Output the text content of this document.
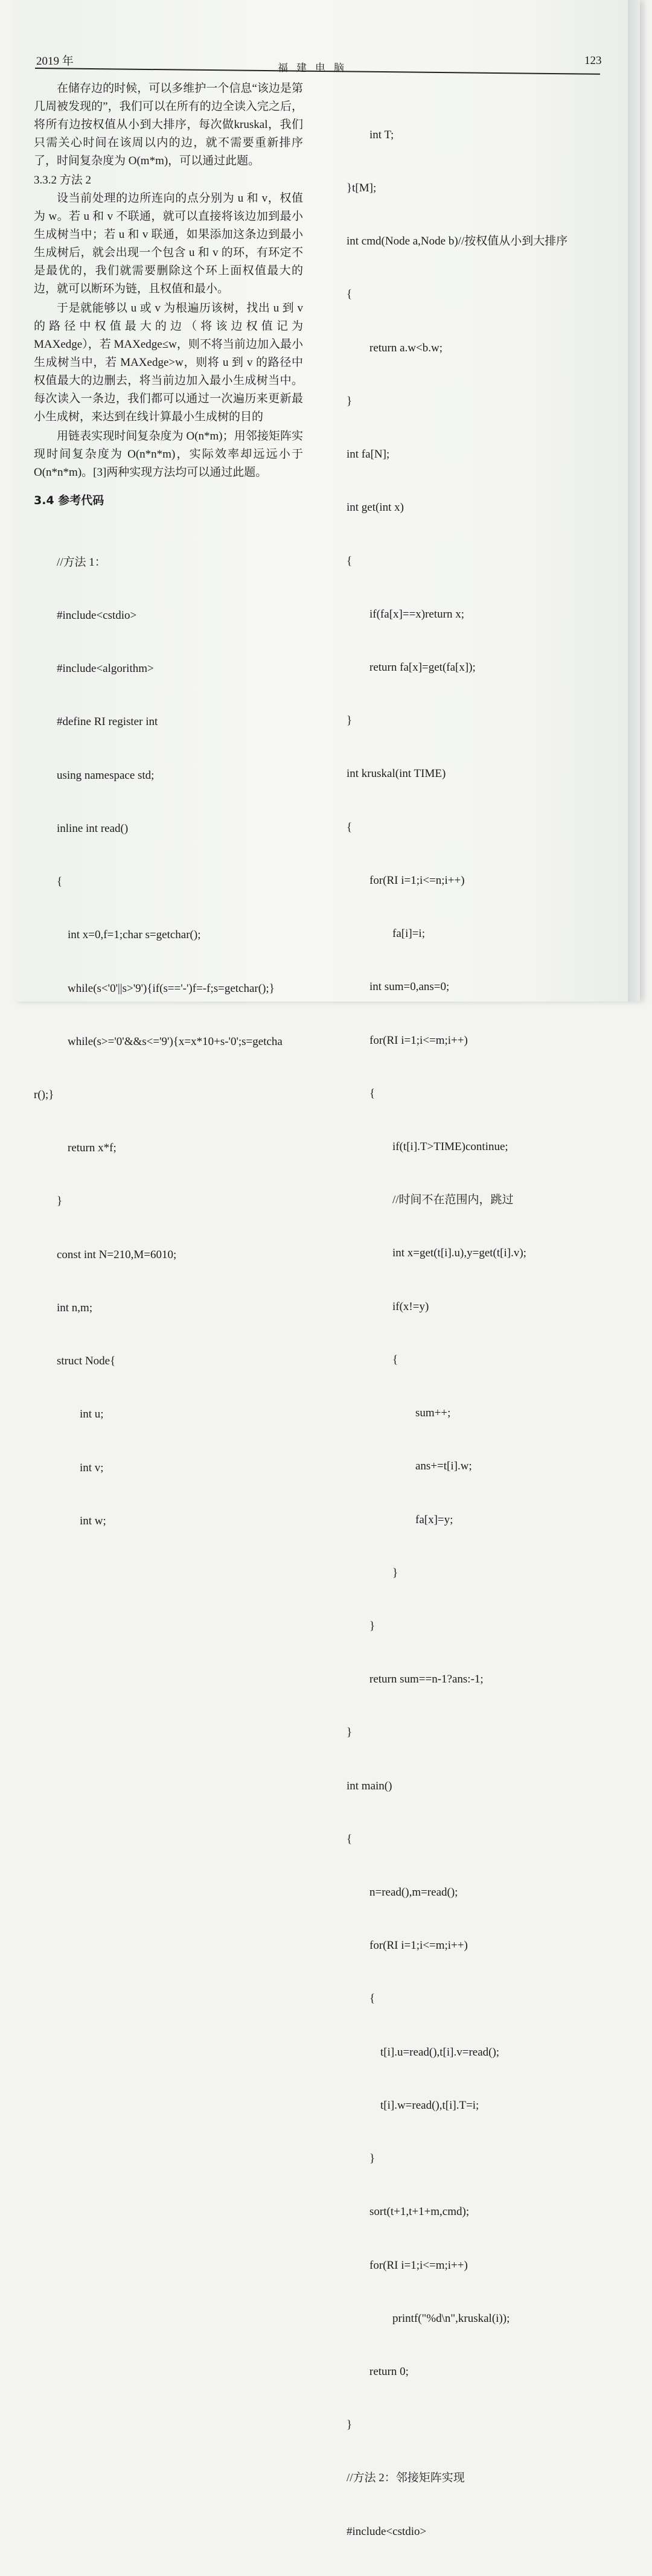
2019 年
福建电脑
123

在储存边的时候，可以多维护一个信息“该边是第几周被发现的”，我们可以在所有的边全读入完之后，将所有边按权值从小到大排序，每次做kruskal，我们只需关心时间在该周以内的边，就不需要重新排序了，时间复杂度为 O(m*m)，可以通过此题。

3.3.2 方法 2

设当前处理的边所连向的点分别为 u 和 v，权值为 w。若 u 和 v 不联通，就可以直接将该边加到最小生成树当中；若 u 和 v 联通，如果添加这条边到最小生成树后，就会出现一个包含 u 和 v 的环，有环定不是最优的，我们就需要删除这个环上面权值最大的边，就可以断环为链，且权值和最小。

于是就能够以 u 或 v 为根遍历该树，找出 u 到 v 的路径中权值最大的边（将该边权值记为MAXedge），若 MAXedge≤w，则不将当前边加入最小生成树当中，若 MAXedge>w，则将 u 到 v 的路径中权值最大的边删去，将当前边加入最小生成树当中。每次读入一条边，我们都可以通过一次遍历来更新最小生成树，来达到在线计算最小生成树的目的

用链表实现时间复杂度为 O(n*m)；用邻接矩阵实现时间复杂度为 O(n*n*m)，实际效率却远远小于O(n*n*m)。[3]两种实现方法均可以通过此题。

3.4 参考代码

//方法 1：

#include<cstdio>

#include<algorithm>

#define RI register int

using namespace std;

inline int read()

{

int x=0,f=1;char s=getchar();

while(s<'0'||s>'9'){if(s=='-')f=-f;s=getchar();}

while(s>='0'&&s<='9'){x=x*10+s-'0';s=getcha

r();}

return x*f;

}

const int N=210,M=6010;

int n,m;

struct Node{

int u;

int v;

int w;

int T;

}t[M];

int cmd(Node a,Node b)//按权值从小到大排序

{

return a.w<b.w;

}

int fa[N];

int get(int x)

{

if(fa[x]==x)return x;

return fa[x]=get(fa[x]);

}

int kruskal(int TIME)

{

for(RI i=1;i<=n;i++)

fa[i]=i;

int sum=0,ans=0;

for(RI i=1;i<=m;i++)

{

if(t[i].T>TIME)continue;

//时间不在范围内，跳过

int x=get(t[i].u),y=get(t[i].v);

if(x!=y)

{

sum++;

ans+=t[i].w;

fa[x]=y;

}

}

return sum==n-1?ans:-1;

}

int main()

{

n=read(),m=read();

for(RI i=1;i<=m;i++)

{

t[i].u=read(),t[i].v=read();

t[i].w=read(),t[i].T=i;

}

sort(t+1,t+1+m,cmd);

for(RI i=1;i<=m;i++)

printf("%d\n",kruskal(i));

return 0;

}

//方法 2：邻接矩阵实现

#include<cstdio>
